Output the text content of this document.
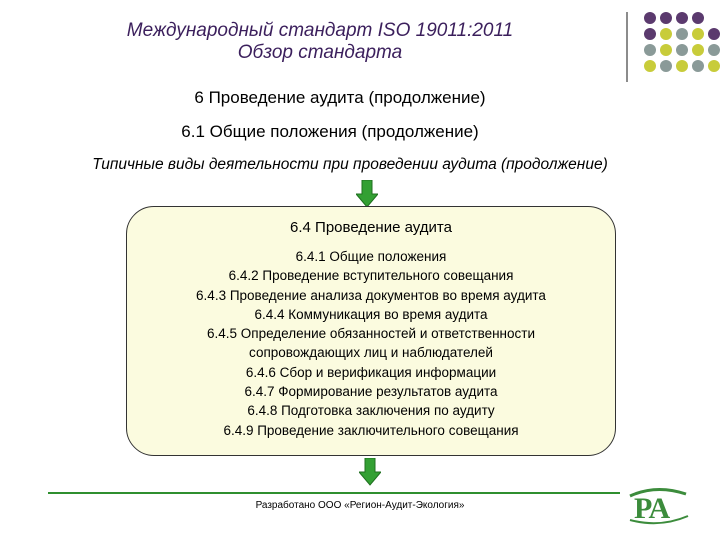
Международный стандарт ISO 19011:2011
Обзор стандарта
6 Проведение аудита (продолжение)
6.1 Общие положения (продолжение)
Типичные виды деятельности при проведении аудита (продолжение)
6.4 Проведение аудита
6.4.1 Общие положения
6.4.2 Проведение вступительного совещания
6.4.3 Проведение анализа документов во время аудита
6.4.4 Коммуникация во время аудита
6.4.5 Определение обязанностей и ответственности
сопровождающих лиц и наблюдателей
6.4.6 Сбор и верификация информации
6.4.7 Формирование результатов аудита
6.4.8 Подготовка заключения по аудиту
6.4.9 Проведение заключительного совещания
Разработано ООО «Регион-Аудит-Экология»	РА
